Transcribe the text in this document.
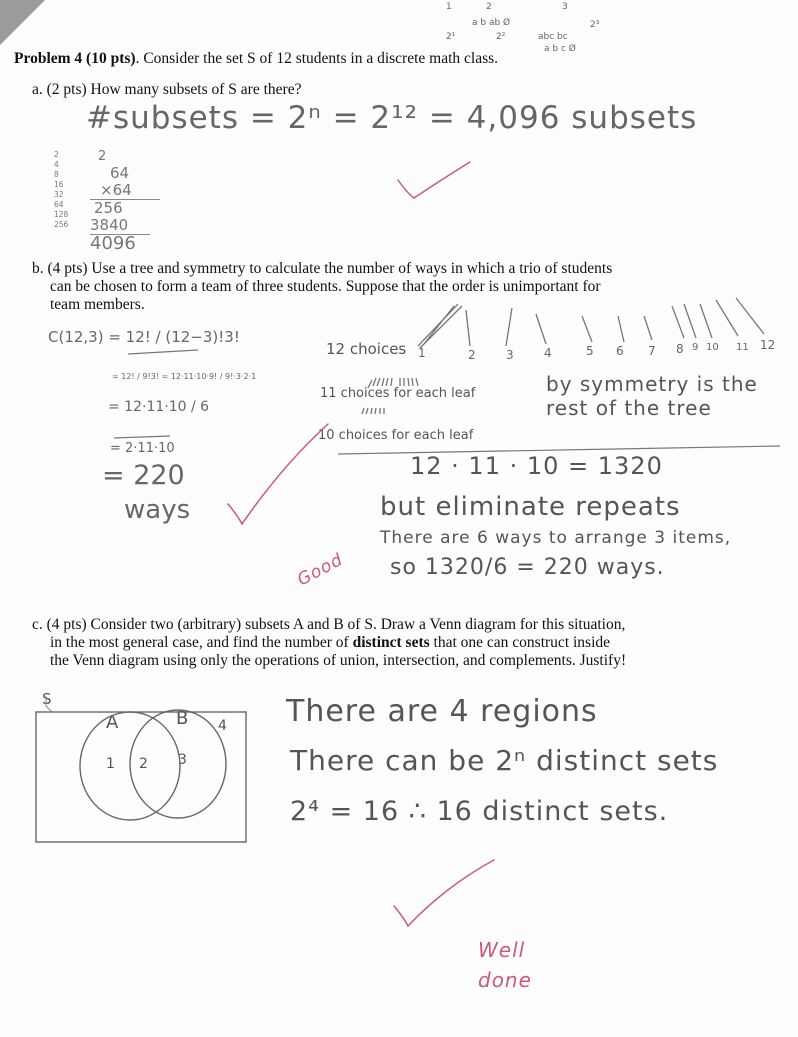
1	2	3
2¹	2²
2³
a b ab Ø
abc bc
a b c Ø
Problem 4 (10 pts). Consider the set S of 12 students in a discrete math class.
a. (2 pts) How many subsets of S are there?
#subsets = 2ⁿ = 2¹² = 4,096 subsets
2
4
8
16
32
64
128
256
2
64
×64
256
3840
4096
b. (4 pts) Use a tree and symmetry to calculate the number of ways in which a trio of students
can be chosen to form a team of three students. Suppose that the order is unimportant for
team members.
C(12,3) = 12! / (12−3)!3!
= 12! / 9!3! = 12·11·10·9! / 9!·3·2·1
= 12·11·10 / 6
= 2·11·10
= 220
ways
12 choices
11 choices for each leaf
10 choices for each leaf
1	2	3	4	5 6 7 8 9 10 11 12
by symmetry is the rest of the tree
12 · 11 · 10 = 1320
but eliminate repeats
There are 6 ways to arrange 3 items,
so 1320/6 = 220 ways.
Good
c. (4 pts) Consider two (arbitrary) subsets A and B of S. Draw a Venn diagram for this situation,
in the most general case, and find the number of distinct sets that one can construct inside
the Venn diagram using only the operations of union, intersection, and complements. Justify!
S
A	B
1 2 3
4 There are 4 regions
There can be 2ⁿ distinct sets
2⁴ = 16 ∴ 16 distinct sets.
Well done
